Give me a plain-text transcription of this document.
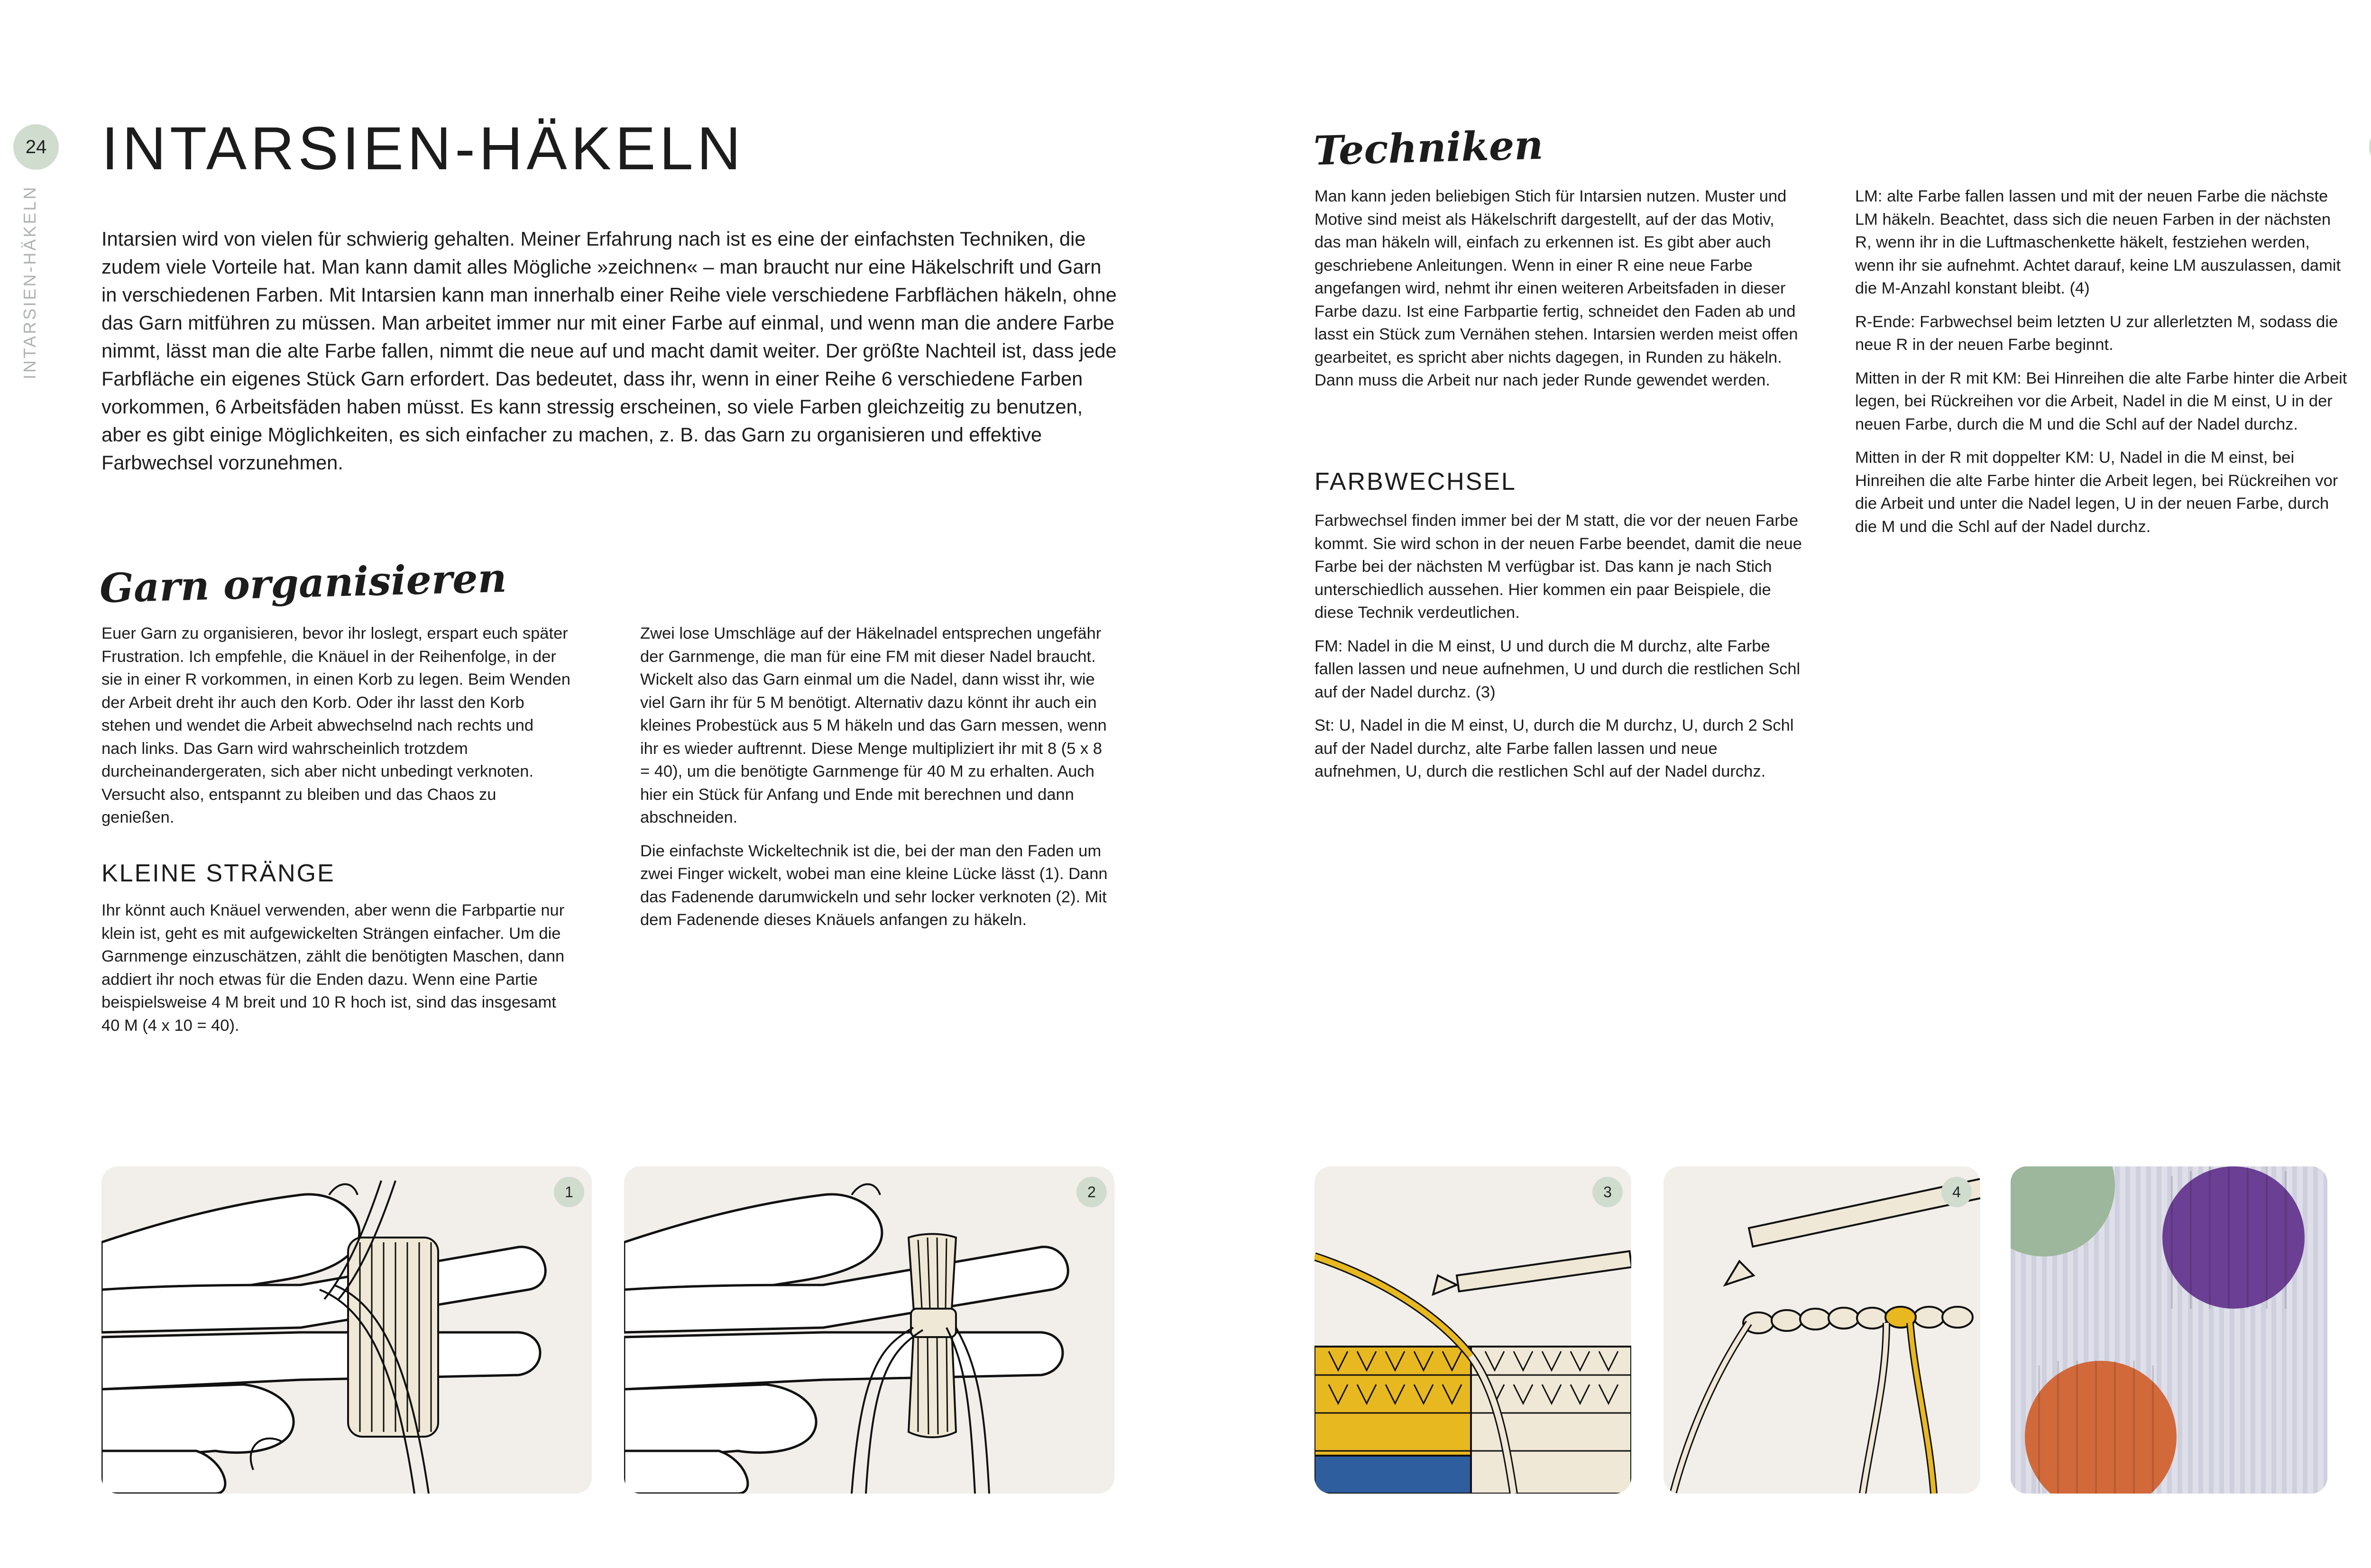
24
INTARSIEN-HÄKELN
INTARSIEN-HÄKELN

Intarsien wird von vielen für schwierig gehalten. Meiner Erfahrung nach ist es eine der einfachsten Techniken, die zudem viele Vorteile hat. Man kann damit alles Mögliche »zeichnen« – man braucht nur eine Häkelschrift und Garn in verschiedenen Farben. Mit Intarsien kann man innerhalb einer Reihe viele verschiedene Farbflächen häkeln, ohne das Garn mitführen zu müssen. Man arbeitet immer nur mit einer Farbe auf einmal, und wenn man die andere Farbe nimmt, lässt man die alte Farbe fallen, nimmt die neue auf und macht damit weiter. Der größte Nachteil ist, dass jede Farbfläche ein eigenes Stück Garn erfordert. Das bedeutet, dass ihr, wenn in einer Reihe 6 verschiedene Farben vorkommen, 6 Arbeitsfäden haben müsst. Es kann stressig erscheinen, so viele Farben gleichzeitig zu benutzen, aber es gibt einige Möglichkeiten, es sich einfacher zu machen, z. B. das Garn zu organisieren und effektive Farbwechsel vorzunehmen.

Garn organisieren

Euer Garn zu organisieren, bevor ihr loslegt, erspart euch später Frustration. Ich empfehle, die Knäuel in der Reihenfolge, in der sie in einer R vorkommen, in einen Korb zu legen. Beim Wenden der Arbeit dreht ihr auch den Korb. Oder ihr lasst den Korb stehen und wendet die Arbeit abwechselnd nach rechts und nach links. Das Garn wird wahrscheinlich trotzdem durcheinandergeraten, sich aber nicht unbedingt verknoten. Versucht also, entspannt zu bleiben und das Chaos zu genießen.

KLEINE STRÄNGE

Ihr könnt auch Knäuel verwenden, aber wenn die Farbpartie nur klein ist, geht es mit aufgewickelten Strängen einfacher. Um die Garnmenge einzuschätzen, zählt die benötigten Maschen, dann addiert ihr noch etwas für die Enden dazu. Wenn eine Partie beispielsweise 4 M breit und 10 R hoch ist, sind das insgesamt 40 M (4 x 10 = 40).

Zwei lose Umschläge auf der Häkelnadel entsprechen ungefähr der Garnmenge, die man für eine FM mit dieser Nadel braucht. Wickelt also das Garn einmal um die Nadel, dann wisst ihr, wie viel Garn ihr für 5 M benötigt. Alternativ dazu könnt ihr auch ein kleines Probestück aus 5 M häkeln und das Garn messen, wenn ihr es wieder auftrennt. Diese Menge multipliziert ihr mit 8 (5 x 8 = 40), um die benötigte Garnmenge für 40 M zu erhalten. Auch hier ein Stück für Anfang und Ende mit berechnen und dann abschneiden.

Die einfachste Wickeltechnik ist die, bei der man den Faden um zwei Finger wickelt, wobei man eine kleine Lücke lässt (1). Dann das Fadenende darumwickeln und sehr locker verknoten (2). Mit dem Fadenende dieses Knäuels anfangen zu häkeln.

Techniken

Man kann jeden beliebigen Stich für Intarsien nutzen. Muster und Motive sind meist als Häkelschrift dargestellt, auf der das Motiv, das man häkeln will, einfach zu erkennen ist. Es gibt aber auch geschriebene Anleitungen. Wenn in einer R eine neue Farbe angefangen wird, nehmt ihr einen weiteren Arbeitsfaden in dieser Farbe dazu. Ist eine Farbpartie fertig, schneidet den Faden ab und lasst ein Stück zum Vernähen stehen. Intarsien werden meist offen gearbeitet, es spricht aber nichts dagegen, in Runden zu häkeln. Dann muss die Arbeit nur nach jeder Runde gewendet werden.

FARBWECHSEL

Farbwechsel finden immer bei der M statt, die vor der neuen Farbe kommt. Sie wird schon in der neuen Farbe beendet, damit die neue Farbe bei der nächsten M verfügbar ist. Das kann je nach Stich unterschiedlich aussehen. Hier kommen ein paar Beispiele, die diese Technik verdeutlichen.

FM: Nadel in die M einst, U und durch die M durchz, alte Farbe fallen lassen und neue aufnehmen, U und durch die restlichen Schl auf der Nadel durchz. (3)

St: U, Nadel in die M einst, U, durch die M durchz, U, durch 2 Schl auf der Nadel durchz, alte Farbe fallen lassen und neue aufnehmen, U, durch die restlichen Schl auf der Nadel durchz.

LM: alte Farbe fallen lassen und mit der neuen Farbe die nächste LM häkeln. Beachtet, dass sich die neuen Farben in der nächsten R, wenn ihr in die Luftmaschenkette häkelt, festziehen werden, wenn ihr sie aufnehmt. Achtet darauf, keine LM auszulassen, damit die M-Anzahl konstant bleibt. (4)

R-Ende: Farbwechsel beim letzten U zur allerletzten M, sodass die neue R in der neuen Farbe beginnt.

Mitten in der R mit KM: Bei Hinreihen die alte Farbe hinter die Arbeit legen, bei Rückreihen vor die Arbeit, Nadel in die M einst, U in der neuen Farbe, durch die M und die Schl auf der Nadel durchz.

Mitten in der R mit doppelter KM: U, Nadel in die M einst, bei Hinreihen die alte Farbe hinter die Arbeit legen, bei Rückreihen vor die Arbeit und unter die Nadel legen, U in der neuen Farbe, durch die M und die Schl auf der Nadel durchz.

1	2	3	4
